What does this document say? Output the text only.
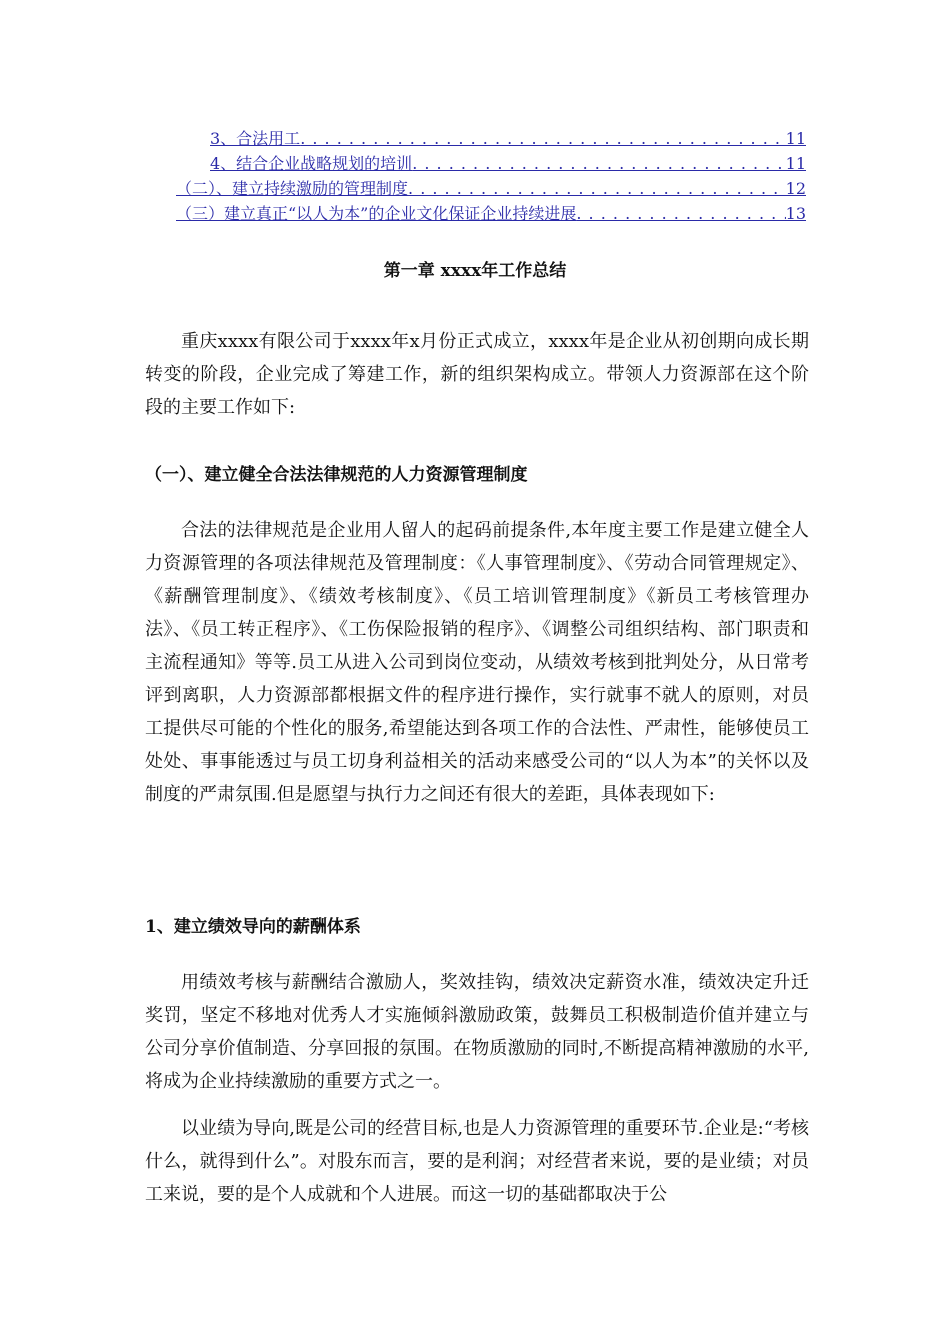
3、合法用工 . . .	11
4、结合企业战略规划的培训 . . .	11
（二）、建立持续激励的管理制度 . . .	12
（三）建立真正“以人为本”的企业文化保证企业持续进展 . . .	13
第一章 xxxx年工作总结

重庆xxxx有限公司于xxxx年x月份正式成立，xxxx年是企业从初创期向成长期转变的阶段，企业完成了筹建工作，新的组织架构成立。带领人力资源部在这个阶段的主要工作如下:

（一）、建立健全合法法律规范的人力资源管理制度

合法的法律规范是企业用人留人的起码前提条件,本年度主要工作是建立健全人力资源管理的各项法律规范及管理制度：《人事管理制度》、《劳动合同管理规定》、《薪酬管理制度》、《绩效考核制度》、《员工培训管理制度》《新员工考核管理办法》、《员工转正程序》、《工伤保险报销的程序》、《调整公司组织结构、部门职责和主流程通知》等等.员工从进入公司到岗位变动，从绩效考核到批判处分，从日常考评到离职，人力资源部都根据文件的程序进行操作，实行就事不就人的原则，对员工提供尽可能的个性化的服务,希望能达到各项工作的合法性、严肃性，能够使员工处处、事事能透过与员工切身利益相关的活动来感受公司的“以人为本”的关怀以及制度的严肃氛围.但是愿望与执行力之间还有很大的差距，具体表现如下:

1、建立绩效导向的薪酬体系

用绩效考核与薪酬结合激励人，奖效挂钩，绩效决定薪资水准，绩效决定升迁奖罚，坚定不移地对优秀人才实施倾斜激励政策，鼓舞员工积极制造价值并建立与公司分享价值制造、分享回报的氛围。在物质激励的同时,不断提高精神激励的水平,将成为企业持续激励的重要方式之一。

以业绩为导向,既是公司的经营目标,也是人力资源管理的重要环节.企业是:“考核什么，就得到什么”。对股东而言，要的是利润；对经营者来说，要的是业绩；对员工来说，要的是个人成就和个人进展。而这一切的基础都取决于公
